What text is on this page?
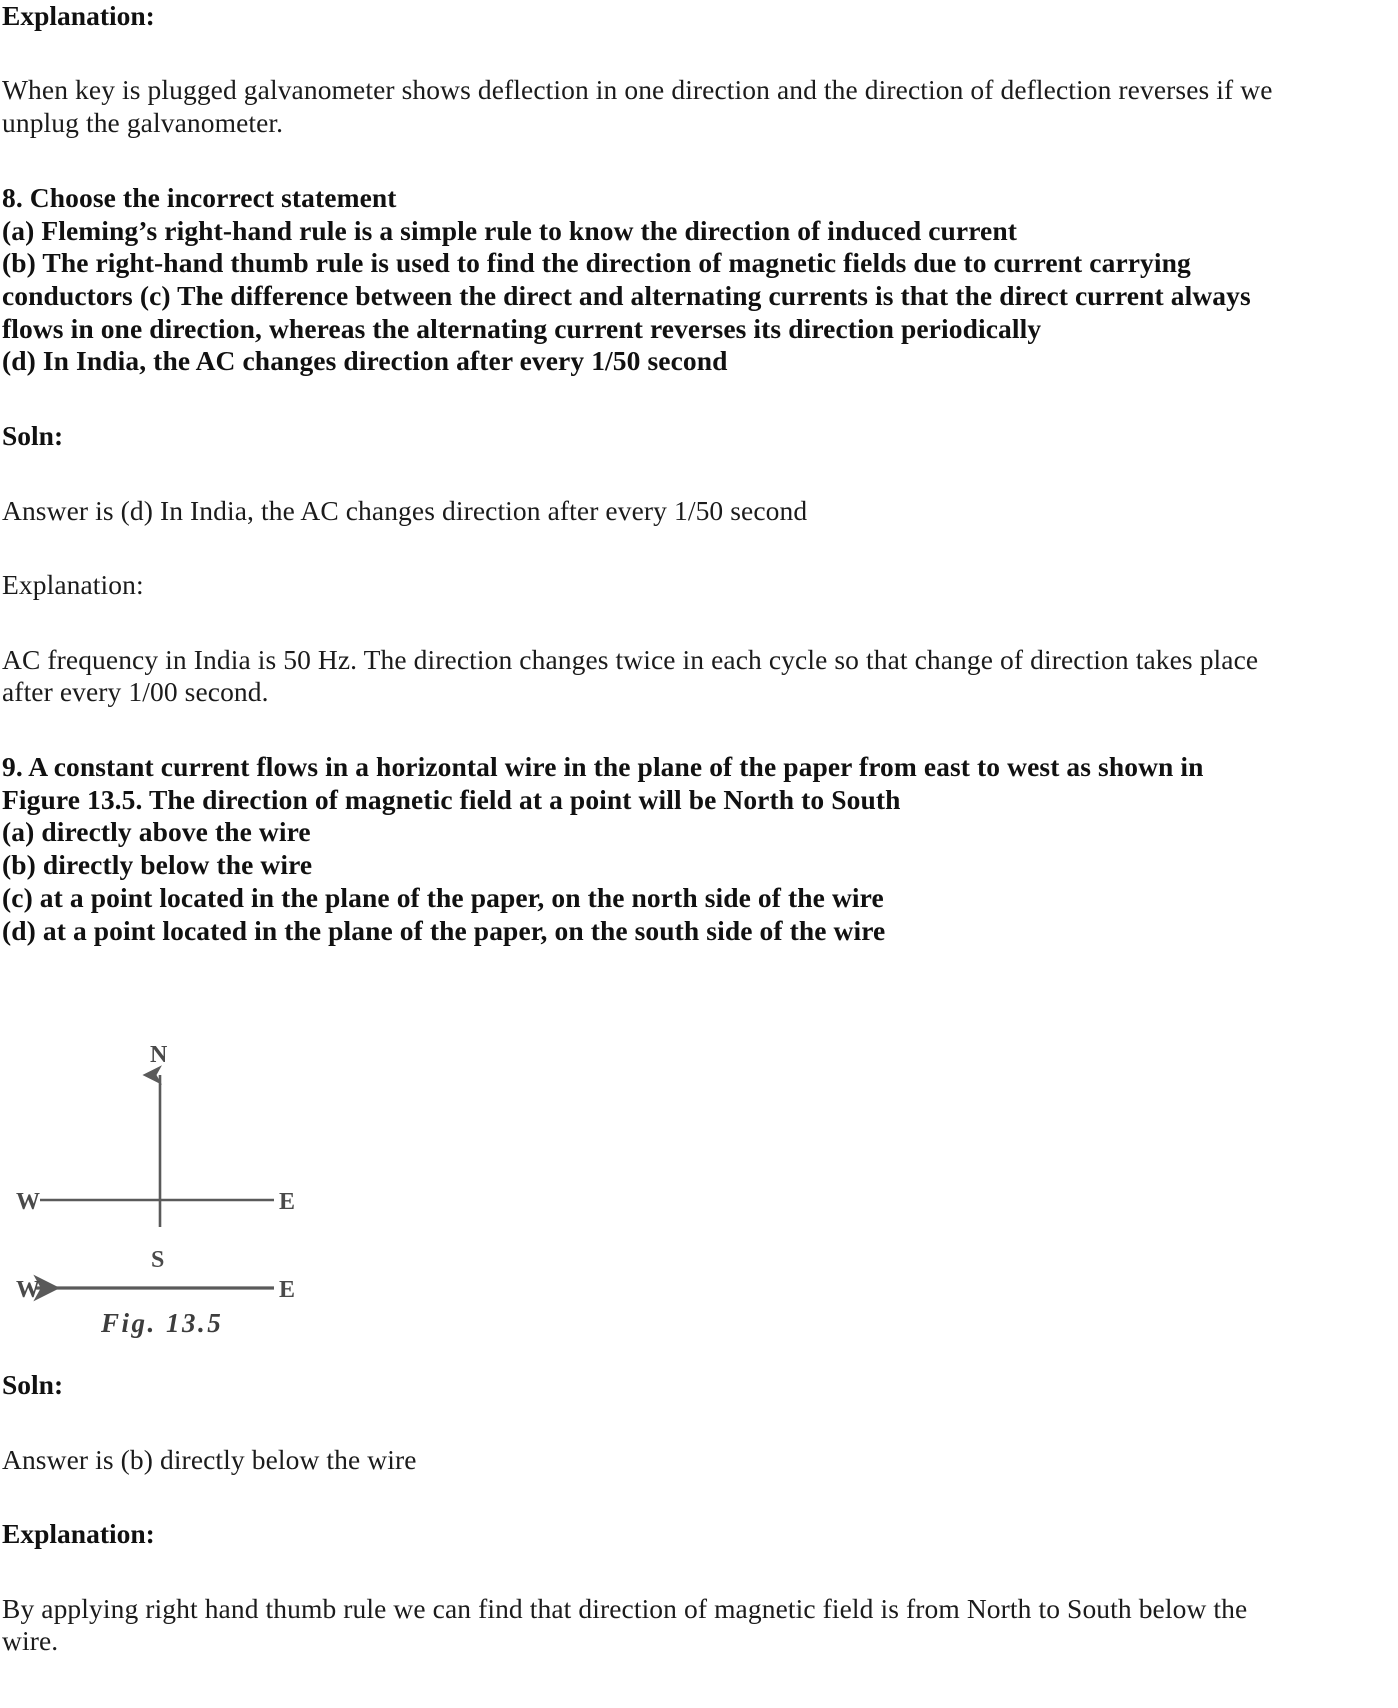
Explanation:
When key is plugged galvanometer shows deflection in one direction and the direction of deflection reverses if we
unplug the galvanometer.
8. Choose the incorrect statement
(a) Fleming’s right-hand rule is a simple rule to know the direction of induced current
(b) The right-hand thumb rule is used to find the direction of magnetic fields due to current carrying
conductors (c) The difference between the direct and alternating currents is that the direct current always
flows in one direction, whereas the alternating current reverses its direction periodically
(d) In India, the AC changes direction after every 1/50 second
Soln:
Answer is (d) In India, the AC changes direction after every 1/50 second
Explanation:
AC frequency in India is 50 Hz. The direction changes twice in each cycle so that change of direction takes place
after every 1/00 second.
9. A constant current flows in a horizontal wire in the plane of the paper from east to west as shown in
Figure 13.5. The direction of magnetic field at a point will be North to South
(a) directly above the wire
(b) directly below the wire
(c) at a point located in the plane of the paper, on the north side of the wire
(d) at a point located in the plane of the paper, on the south side of the wire
N
W	E
S
W	E
Fig. 13.5
Soln:
Answer is (b) directly below the wire
Explanation:
By applying right hand thumb rule we can find that direction of magnetic field is from North to South below the
wire.
